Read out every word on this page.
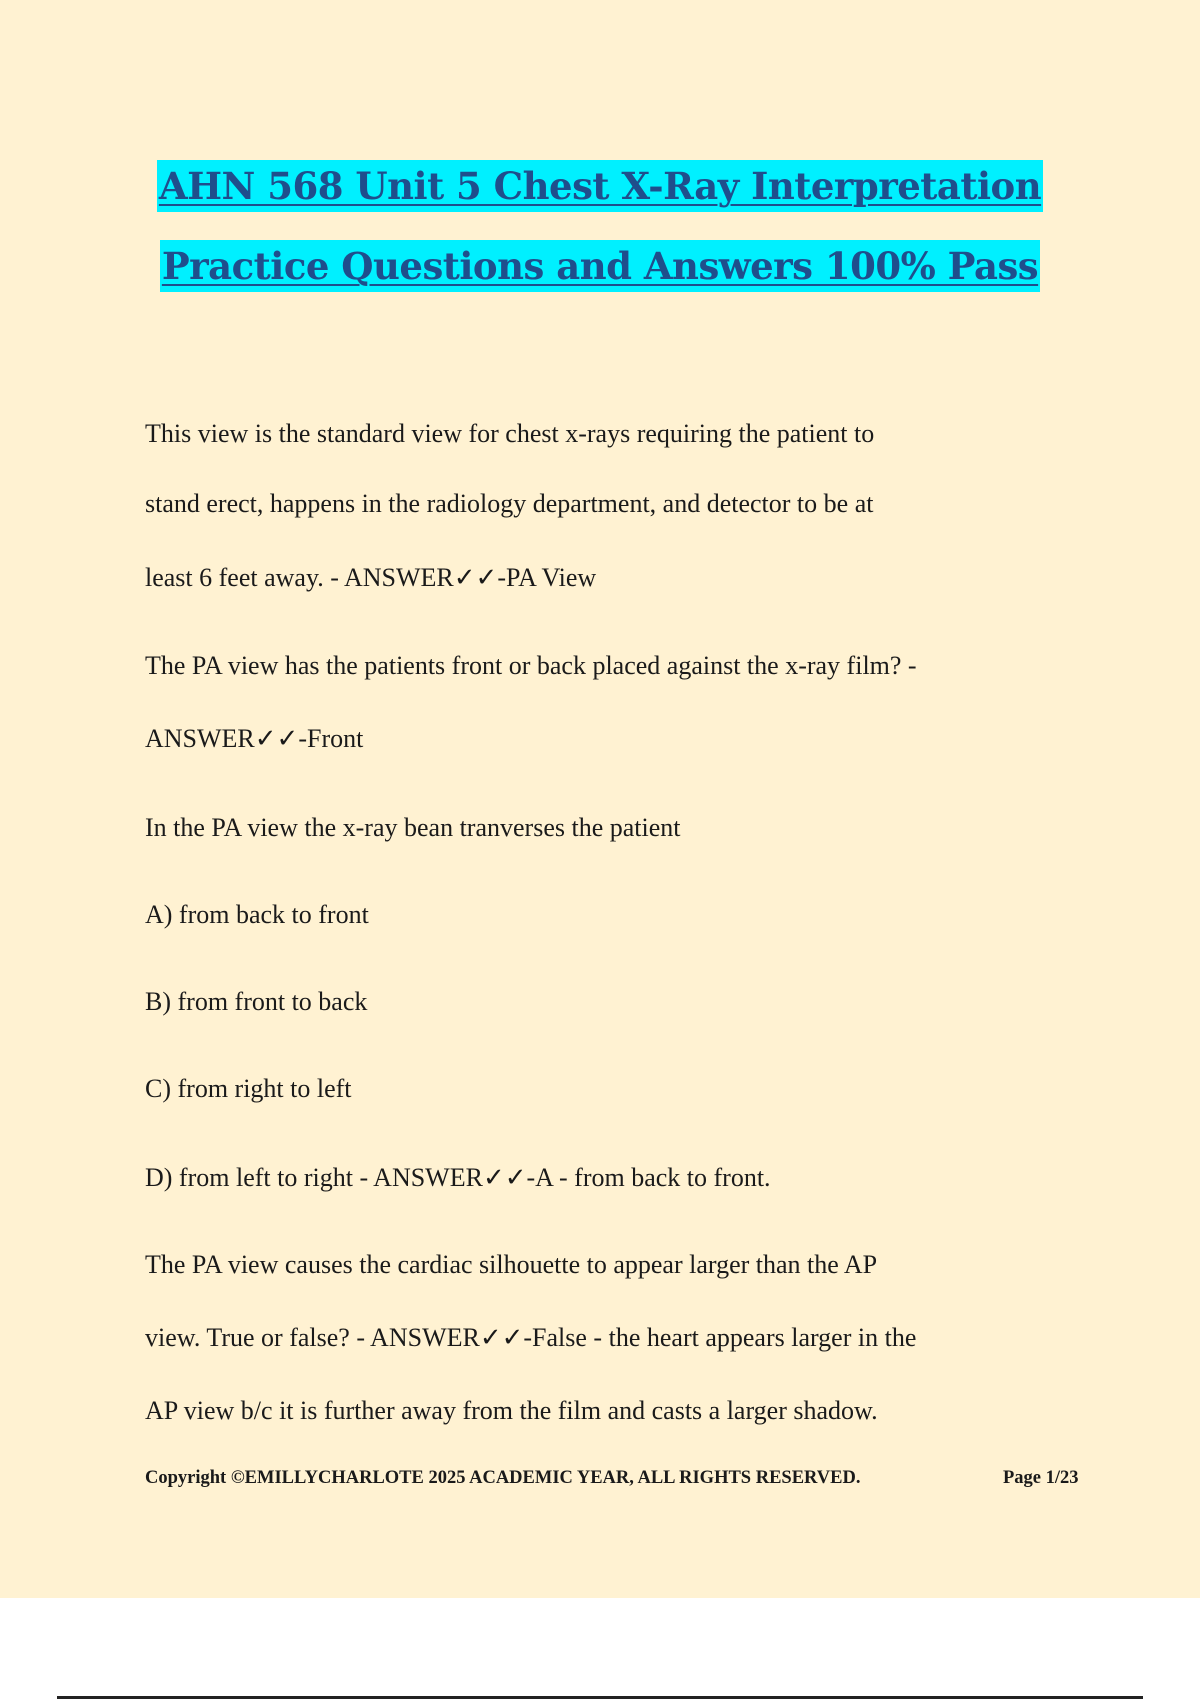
AHN 568 Unit 5 Chest X-Ray Interpretation
Practice Questions and Answers 100% Pass
This view is the standard view for chest x-rays requiring the patient to
stand erect, happens in the radiology department, and detector to be at
least 6 feet away. - ANSWER✓✓-PA View
The PA view has the patients front or back placed against the x-ray film? -
ANSWER✓✓-Front
In the PA view the x-ray bean tranverses the patient
A) from back to front
B) from front to back
C) from right to left
D) from left to right - ANSWER✓✓-A - from back to front.
The PA view causes the cardiac silhouette to appear larger than the AP
view. True or false? - ANSWER✓✓-False - the heart appears larger in the
AP view b/c it is further away from the film and casts a larger shadow.
Copyright ©EMILLYCHARLOTE 2025 ACADEMIC YEAR, ALL RIGHTS RESERVED.	Page 1/23
